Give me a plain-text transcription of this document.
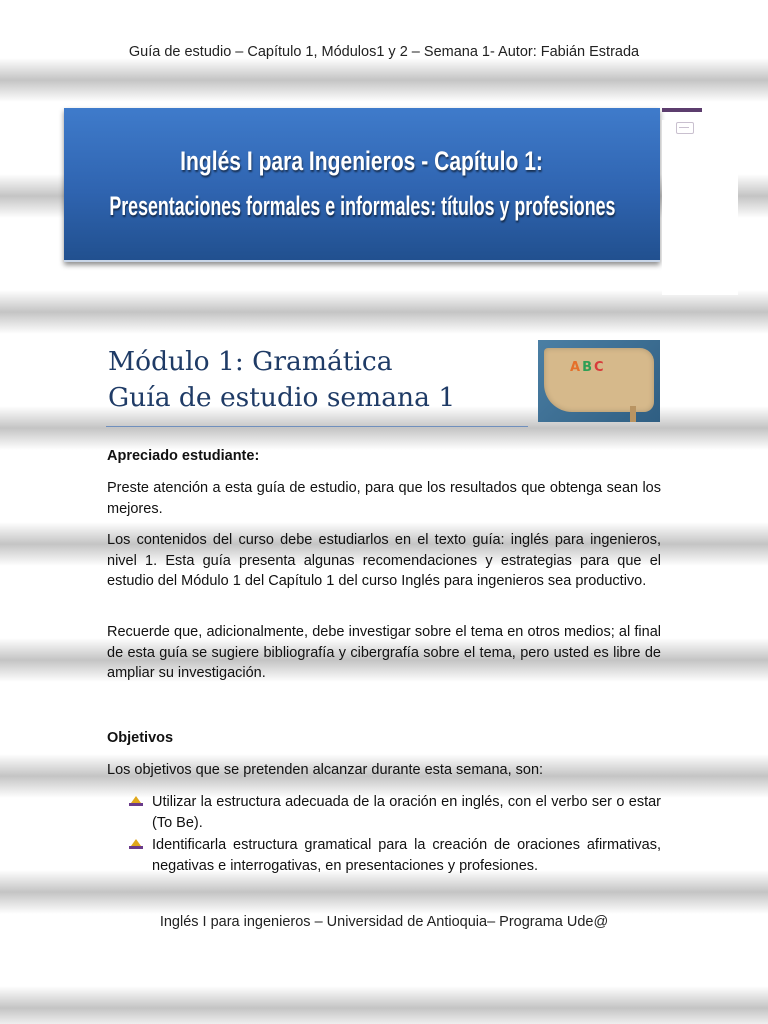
Guía de estudio – Capítulo 1, Módulos1 y 2 – Semana 1- Autor: Fabián Estrada
Inglés I para Ingenieros - Capítulo 1:
Presentaciones formales e informales: títulos y profesiones
Módulo 1: Gramática
Guía de estudio semana 1
ABC
Apreciado estudiante:
Preste atención a esta guía de estudio, para que los resultados que obtenga sean los mejores.
Los contenidos del curso debe estudiarlos en el texto guía: inglés para ingenieros, nivel 1. Esta guía presenta algunas recomendaciones y estrategias para que el estudio del Módulo 1 del Capítulo 1 del curso Inglés para ingenieros sea productivo.
Recuerde que, adicionalmente, debe investigar sobre el tema en otros medios; al final de esta guía se sugiere bibliografía y cibergrafía sobre el tema, pero usted es libre de ampliar su investigación.
Objetivos
Los objetivos que se pretenden alcanzar durante esta semana, son:
Utilizar la estructura adecuada de la oración en inglés, con el verbo ser o estar (To Be).
Identificarla estructura gramatical para la creación de oraciones afirmativas, negativas e interrogativas, en presentaciones y profesiones.
Inglés I para ingenieros – Universidad de Antioquia– Programa Ude@
